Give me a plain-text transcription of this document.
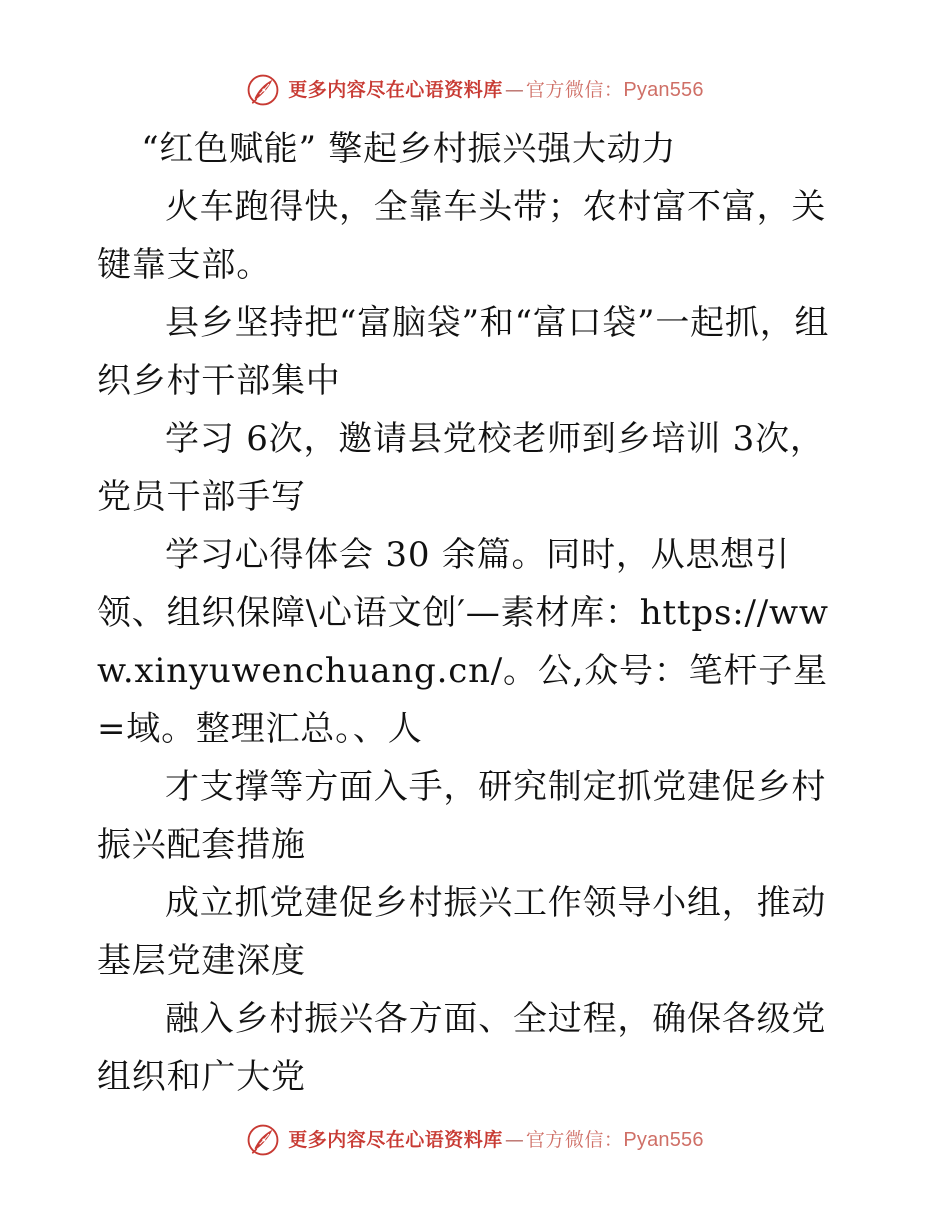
更多内容尽在心语资料库 — 官方微信： Pyan556

“红色赋能” 擎起乡村振兴强大动力

火车跑得快，全靠车头带；农村富不富，关键靠支部。

县乡坚持把“富脑袋”和“富口袋”一起抓，组织乡村干部集中

学习 6次，邀请县党校老师到乡培训 3次，党员干部手写

学习心得体会 30 余篇。同时，从思想引领、组织保障\心语文创′—素材库：https://www.xinyuwenchuang.cn/。公,众号：笔杆子星=域。整理汇总。、人

才支撑等方面入手，研究制定抓党建促乡村振兴配套措施

成立抓党建促乡村振兴工作领导小组，推动基层党建深度

融入乡村振兴各方面、全过程，确保各级党组织和广大党

更多内容尽在心语资料库 — 官方微信： Pyan556
